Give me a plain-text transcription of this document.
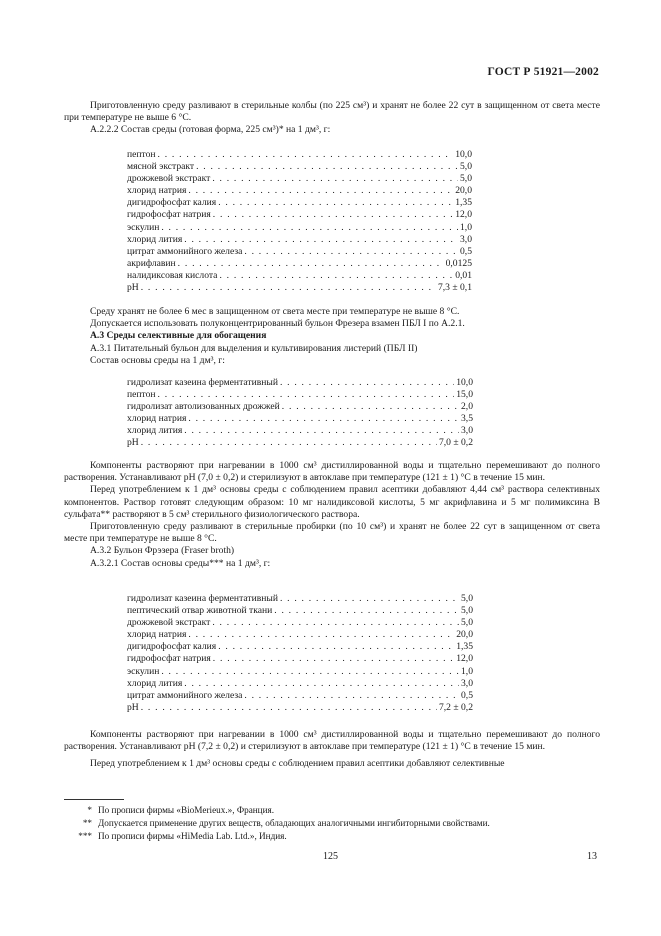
ГОСТ Р 51921—2002

Приготовленную среду разливают в стерильные колбы (по 225 см³) и хранят не более 22 сут в защищенном от света месте при температуре не выше 6 °С.

А.2.2.2 Состав среды (готовая форма, 225 см³)* на 1 дм³, г:

пептон . . .	10,0
мясной экстракт . . .	5,0
дрожжевой экстракт . . .	5,0
хлорид натрия . . .	20,0
дигидрофосфат калия . . .	1,35
гидрофосфат натрия . . .	12,0
эскулин . . .	1,0
хлорид лития . . .	3,0
цитрат аммонийного железа . . .	0,5
акрифлавин . . .	0,0125
налидиксовая кислота . . .	0,01
рН . . .	7,3 ± 0,1

Среду хранят не более 6 мес в защищенном от света месте при температуре не выше 8 °С.

Допускается использовать полуконцентрированный бульон Фрезера взамен ПБЛ I по А.2.1.

А.3 Среды селективные для обогащения

А.3.1 Питательный бульон для выделения и культивирования листерий (ПБЛ II)

Состав основы среды на 1 дм³, г:

гидролизат казеина ферментативный . . .	10,0
пептон . . .	15,0
гидролизат автолизованных дрожжей . . .	2,0
хлорид натрия . . .	3,5
хлорид лития . . .	3,0
рН . . .	7,0 ± 0,2

Компоненты растворяют при нагревании в 1000 см³ дистиллированной воды и тщательно перемешивают до полного растворения. Устанавливают рН (7,0 ± 0,2) и стерилизуют в автоклаве при температуре (121 ± 1) °С в течение 15 мин.

Перед употреблением к 1 дм³ основы среды с соблюдением правил асептики добавляют 4,44 см³ раствора селективных компонентов. Раствор готовят следующим образом: 10 мг налидиксовой кислоты, 5 мг акрифлавина и 5 мг полимиксина В сульфата** растворяют в 5 см³ стерильного физиологического раствора.

Приготовленную среду разливают в стерильные пробирки (по 10 см³) и хранят не более 22 сут в защищенном от света месте при температуре не выше 8 °С.

А.3.2 Бульон Фрэзера (Fraser broth)

А.3.2.1 Состав основы среды*** на 1 дм³, г:

гидролизат казеина ферментативный . . .	5,0
пептический отвар животной ткани . . .	5,0
дрожжевой экстракт . . .	5,0
хлорид натрия . . .	20,0
дигидрофосфат калия . . .	1,35
гидрофосфат натрия . . .	12,0
эскулин . . .	1,0
хлорид лития . . .	3,0
цитрат аммонийного железа . . .	0,5
рН . . .	7,2 ± 0,2

Компоненты растворяют при нагревании в 1000 см³ дистиллированной воды и тщательно перемешивают до полного растворения. Устанавливают рН (7,2 ± 0,2) и стерилизуют в автоклаве при температуре (121 ± 1) °С в течение 15 мин.

Перед употреблением к 1 дм³ основы среды с соблюдением правил асептики добавляют селективные

* По прописи фирмы «BioMerieux.», Франция.
** Допускается применение других веществ, обладающих аналогичными ингибиторными свойствами.
*** По прописи фирмы «HiMedia Lab. Ltd.», Индия.
125	13
